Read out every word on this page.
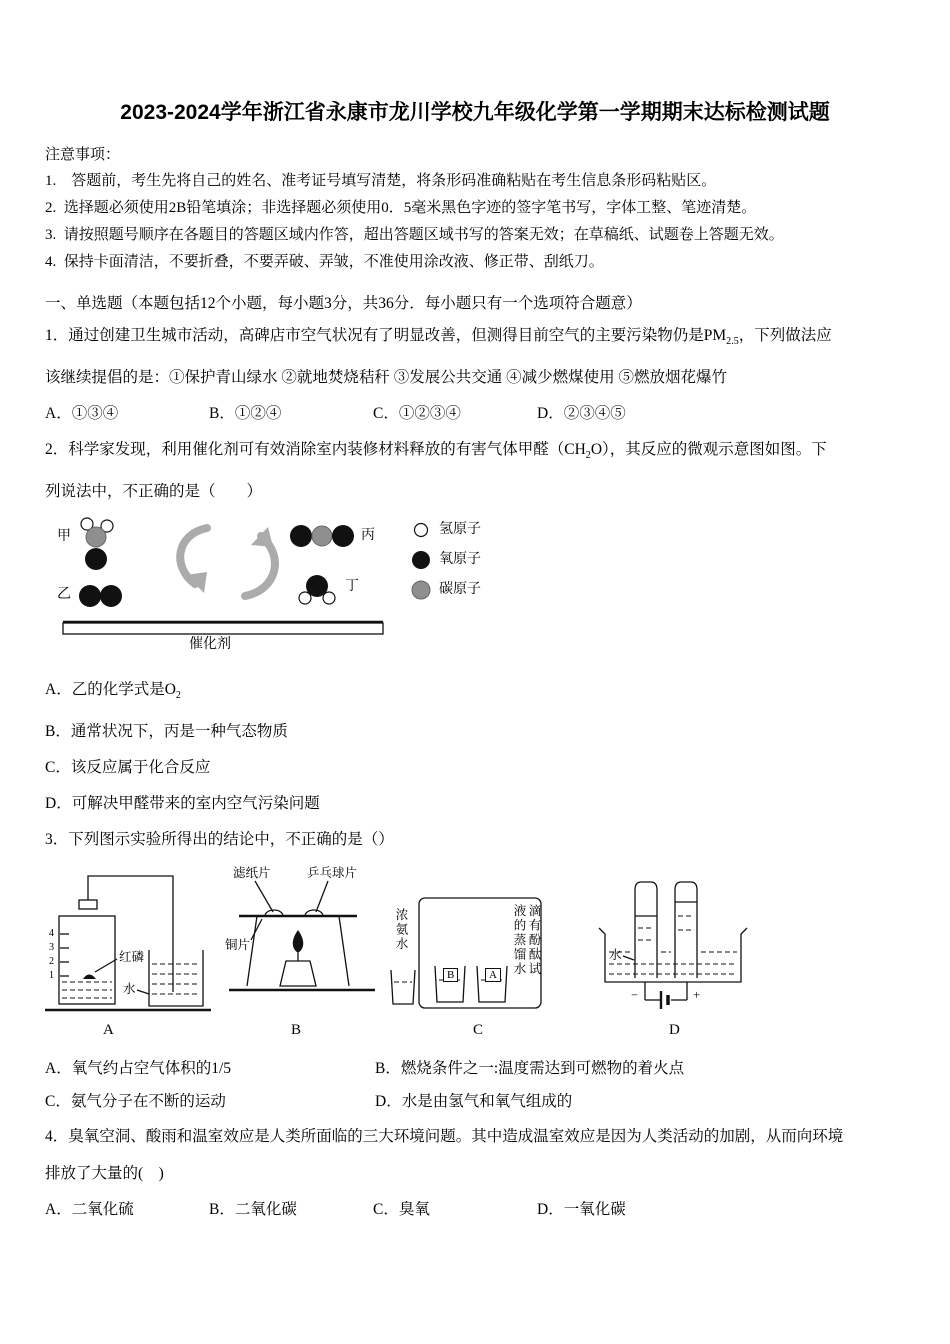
2023-2024学年浙江省永康市龙川学校九年级化学第一学期期末达标检测试题
注意事项：
1.    答题前，考生先将自己的姓名、准考证号填写清楚，将条形码准确粘贴在考生信息条形码粘贴区。
2.  选择题必须使用2B铅笔填涂；非选择题必须使用0．5毫米黑色字迹的签字笔书写，字体工整、笔迹清楚。
3.  请按照题号顺序在各题目的答题区域内作答，超出答题区域书写的答案无效；在草稿纸、试题卷上答题无效。
4.  保持卡面清洁，不要折叠，不要弄破、弄皱，不准使用涂改液、修正带、刮纸刀。
一、单选题（本题包括12个小题，每小题3分，共36分．每小题只有一个选项符合题意）
1．通过创建卫生城市活动，高碑店市空气状况有了明显改善，但测得目前空气的主要污染物仍是$PM_{2.5}$，下列做法应
该继续提倡的是：①保护青山绿水 ②就地焚烧秸秆 ③发展公共交通 ④减少燃煤使用 ⑤燃放烟花爆竹
A．①③④	B．①②④	C．①②③④	D．②③④⑤
2．科学家发现，利用催化剂可有效消除室内装修材料释放的有害气体甲醛$(CH_2O)$，其反应的微观示意图如图。下
列说法中，不正确的是（　　）
甲
乙
丙
丁
催化剂
氢原子
氧原子
碳原子
A．乙的化学式是$O_2$
B．通常状况下，丙是一种气态物质
C．该反应属于化合反应
D．可解决甲醛带来的室内空气污染问题
3．下列图示实验所得出的结论中，不正确的是（）
4
3
2
1
红磷
水
A
滤纸片	乒乓球片
铜片
B
浓氨水
B	A	滴有酚酞试液的蒸馏水
C
水
−	+
D
A．氧气约占空气体积的1/5	B．燃烧条件之一:温度需达到可燃物的着火点
C．氨气分子在不断的运动	D．水是由氢气和氧气组成的
4．臭氧空洞、酸雨和温室效应是人类所面临的三大环境问题。其中造成温室效应是因为人类活动的加剧，从而向环境
排放了大量的(　)
A．二氧化硫	B．二氧化碳	C．臭氧	D．一氧化碳
